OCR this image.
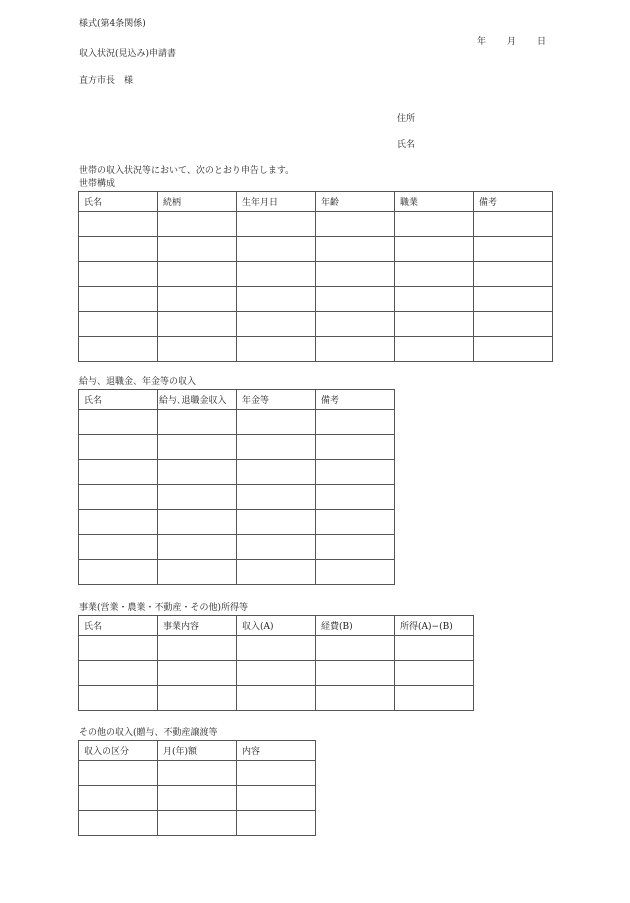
様式(第4条関係)
年 月 日
収入状況(見込み)申請書
直方市長　様
住所
氏名
世帯の収入状況等において、次のとおり申告します。
世帯構成
氏名	続柄	生年月日	年齢	職業	備考

給与、退職金、年金等の収入
氏名	給与､退職金収入	年金等	備考

事業(営業・農業・不動産・その他)所得等
氏名	事業内容	収入(A)	経費(B)	所得(A)−(B)

その他の収入(贈与、不動産譲渡等
収入の区分	月(年)額	内容
